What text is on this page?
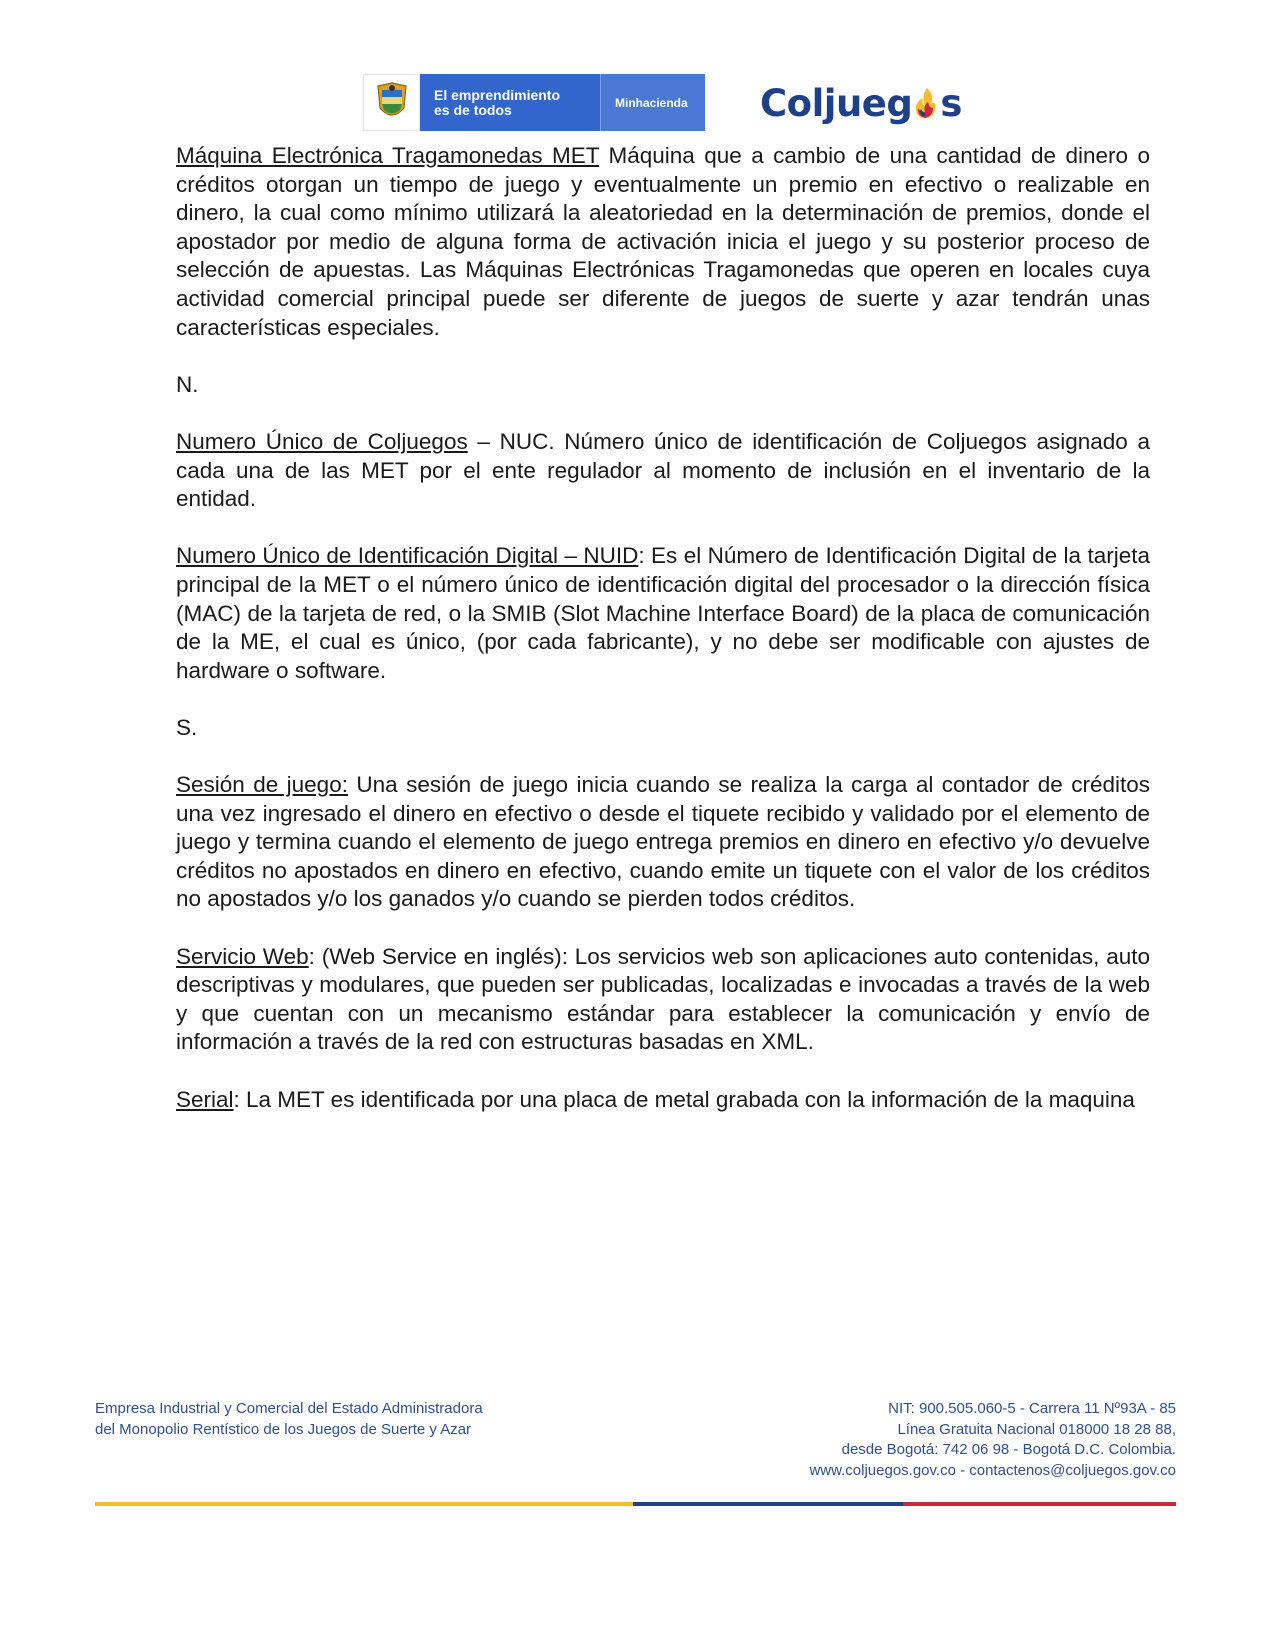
El emprendimiento
es de todos	Minhacienda	Coljueg s

Máquina Electrónica Tragamonedas MET Máquina que a cambio de una cantidad de dinero o créditos otorgan un tiempo de juego y eventualmente un premio en efectivo o realizable en dinero, la cual como mínimo utilizará la aleatoriedad en la determinación de premios, donde el apostador por medio de alguna forma de activación inicia el juego y su posterior proceso de selección de apuestas. Las Máquinas Electrónicas Tragamonedas que operen en locales cuya actividad comercial principal puede ser diferente de juegos de suerte y azar tendrán unas características especiales.

N.

Numero Único de Coljuegos – NUC. Número único de identificación de Coljuegos asignado a cada una de las MET por el ente regulador al momento de inclusión en el inventario de la entidad.

Numero Único de Identificación Digital – NUID: Es el Número de Identificación Digital de la tarjeta principal de la MET o el número único de identificación digital del procesador o la dirección física (MAC) de la tarjeta de red, o la SMIB (Slot Machine Interface Board) de la placa de comunicación de la ME, el cual es único, (por cada fabricante), y no debe ser modificable con ajustes de hardware o software.

S.

Sesión de juego: Una sesión de juego inicia cuando se realiza la carga al contador de créditos una vez ingresado el dinero en efectivo o desde el tiquete recibido y validado por el elemento de juego y termina cuando el elemento de juego entrega premios en dinero en efectivo y/o devuelve créditos no apostados en dinero en efectivo, cuando emite un tiquete con el valor de los créditos no apostados y/o los ganados y/o cuando se pierden todos créditos.

Servicio Web: (Web Service en inglés): Los servicios web son aplicaciones auto contenidas, auto descriptivas y modulares, que pueden ser publicadas, localizadas e invocadas a través de la web y que cuentan con un mecanismo estándar para establecer la comunicación y envío de información a través de la red con estructuras basadas en XML.

Serial: La MET es identificada por una placa de metal grabada con la información de la maquina

Empresa Industrial y Comercial del Estado Administradora
del Monopolio Rentístico de los Juegos de Suerte y Azar
NIT: 900.505.060-5 - Carrera 11 Nº93A - 85
Línea Gratuita Nacional 018000 18 28 88,
desde Bogotá: 742 06 98 - Bogotá D.C. Colombia.
www.coljuegos.gov.co - contactenos@coljuegos.gov.co
